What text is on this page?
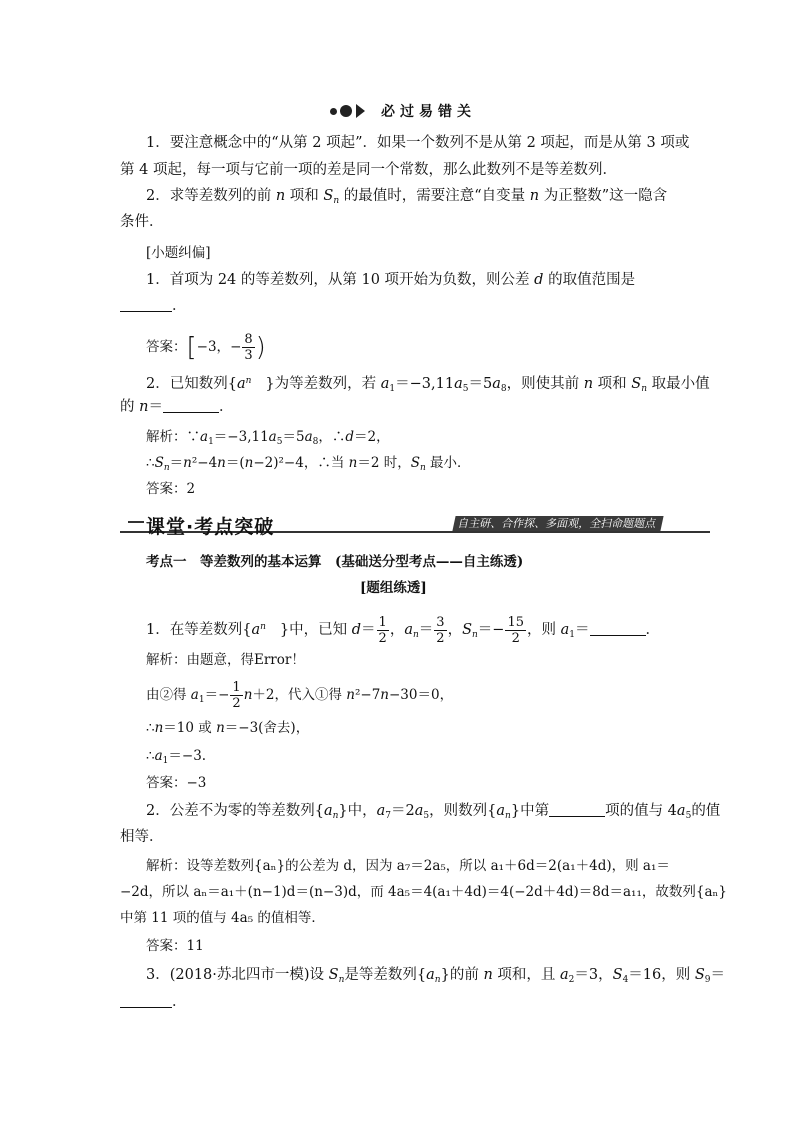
必过易错关
1．要注意概念中的“从第 2 项起”．如果一个数列不是从第 2 项起，而是从第 3 项或
第 4 项起，每一项与它前一项的差是同一个常数，那么此数列不是等差数列．
2．求等差数列的前 n 项和 $S_n$ 的最值时，需要注意“自变量 n 为正整数”这一隐含
条件．
[小题纠偏]
1．首项为 24 的等差数列，从第 10 项开始为负数，则公差 d 的取值范围是
．
答案：[−3，− $\frac{8}{3}$ )
2．已知数列{$a^n$ }为等差数列，若 $a_1=-3,11a_5=5a_8$，则使其前 n 项和 $S_n$ 取最小值
的 n＝	．
解析：$\because a_1=-3,11a_5=5a_8$，∴d＝2，
$\therefore S_n=n^2-4n=(n-2)^2-4$，∴当 n＝2 时，$S_n$ 最小．
答案：2
课堂·考点突破	自主研、合作探、多面观，全扫命题题点
考点一　等差数列的基本运算　(基础送分型考点——自主练透)
[题组练透]
1．在等差数列{$a^n$ }中，已知 $d= \frac{1}{2}$ ，$a_n= \frac{3}{2}$ ，$S_n=- \frac{15}{2}$ ，则 $a_1=$	．
解析：由题意，得Error！
由②得 $a_1=- \frac{1}{2} n+2$，代入①得 n²−7n−30＝0，
∴n＝10 或 n＝−3(舍去)，
$\therefore a_1=-3$.
答案：−3
2．公差不为零的等差数列$\{a_n\}$中，$a_7=2a_5$，则数列$\{a_n\}$中第	项的值与 $4a_5$的值
相等．
解析：设等差数列{aₙ}的公差为 d，因为 a₇＝2a₅，所以 a₁＋6d＝2(a₁＋4d)，则 a₁＝
−2d，所以 aₙ＝a₁＋(n−1)d＝(n−3)d，而 4a₅＝4(a₁＋4d)＝4(−2d＋4d)＝8d＝a₁₁，故数列{aₙ}
中第 11 项的值与 4a₅ 的值相等．
答案：11
3．(2018·苏北四市一模)设 $S_n$是等差数列$\{a_n\}$的前 n 项和，且 $a_2=3$，$S_4=16$，则 $S_9=$
．
